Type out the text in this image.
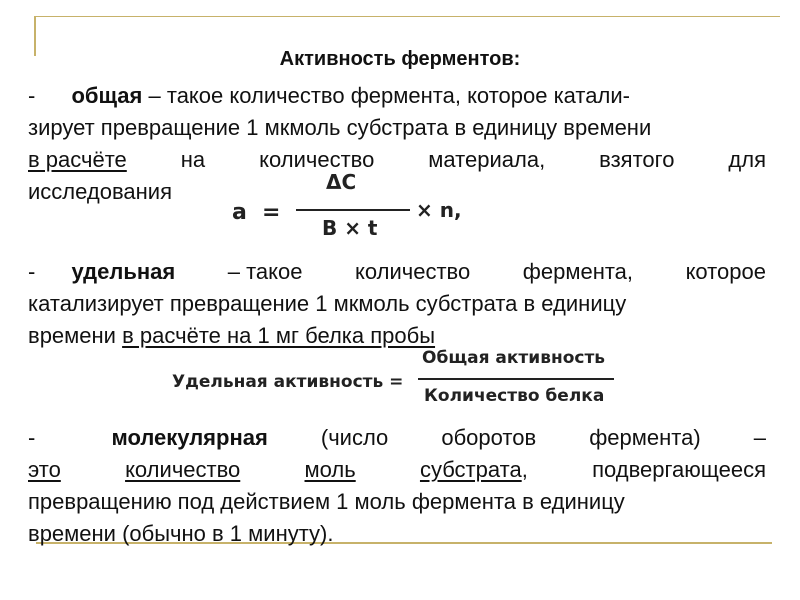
Активность ферментов:
- общая – такое количество фермента, которое катали-
зирует превращение 1 мкмоль субстрата в единицу времени
в расчёте на количество материала, взятого для
исследования
a =
ΔC
B × t
× n,
- удельная – такое количество фермента, которое
катализирует превращение 1 мкмоль субстрата в единицу
времени в расчёте на 1 мг белка пробы
Удельная активность =
Общая активность
Количество белка
-	молекулярная (число оборотов фермента) –
это	количество	моль	субстрата,	подвергающееся
превращению под действием 1 моль фермента в единицу
времени (обычно в 1 минуту).
